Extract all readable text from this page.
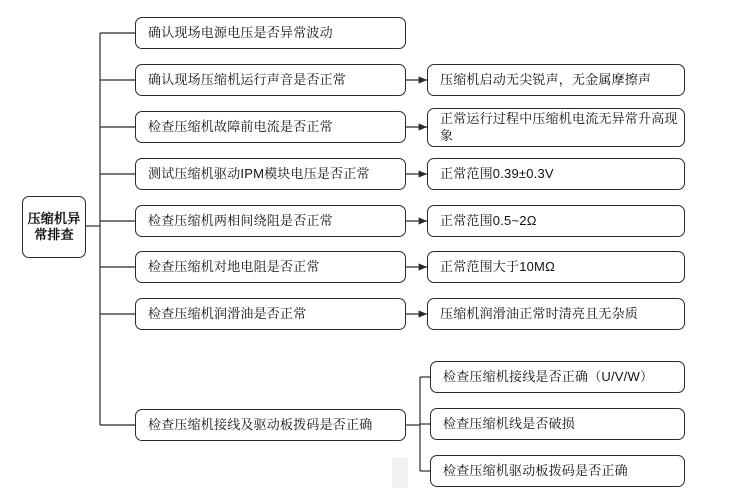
压缩机异常排查
确认现场电源电压是否异常波动
确认现场压缩机运行声音是否正常	压缩机启动无尖锐声，无金属摩擦声
检查压缩机故障前电流是否正常
正常运行过程中压缩机电流无异常升高现象
测试压缩机驱动IPM模块电压是否正常	正常范围0.39±0.3V
检查压缩机两相间绕阻是否正常	正常范围0.5~2Ω
检查压缩机对地电阻是否正常	正常范围大于10MΩ
检查压缩机润滑油是否正常	压缩机润滑油正常时清亮且无杂质
检查压缩机接线及驱动板拨码是否正确
检查压缩机接线是否正确（U/V/W）
检查压缩机线是否破损
检查压缩机驱动板拨码是否正确
